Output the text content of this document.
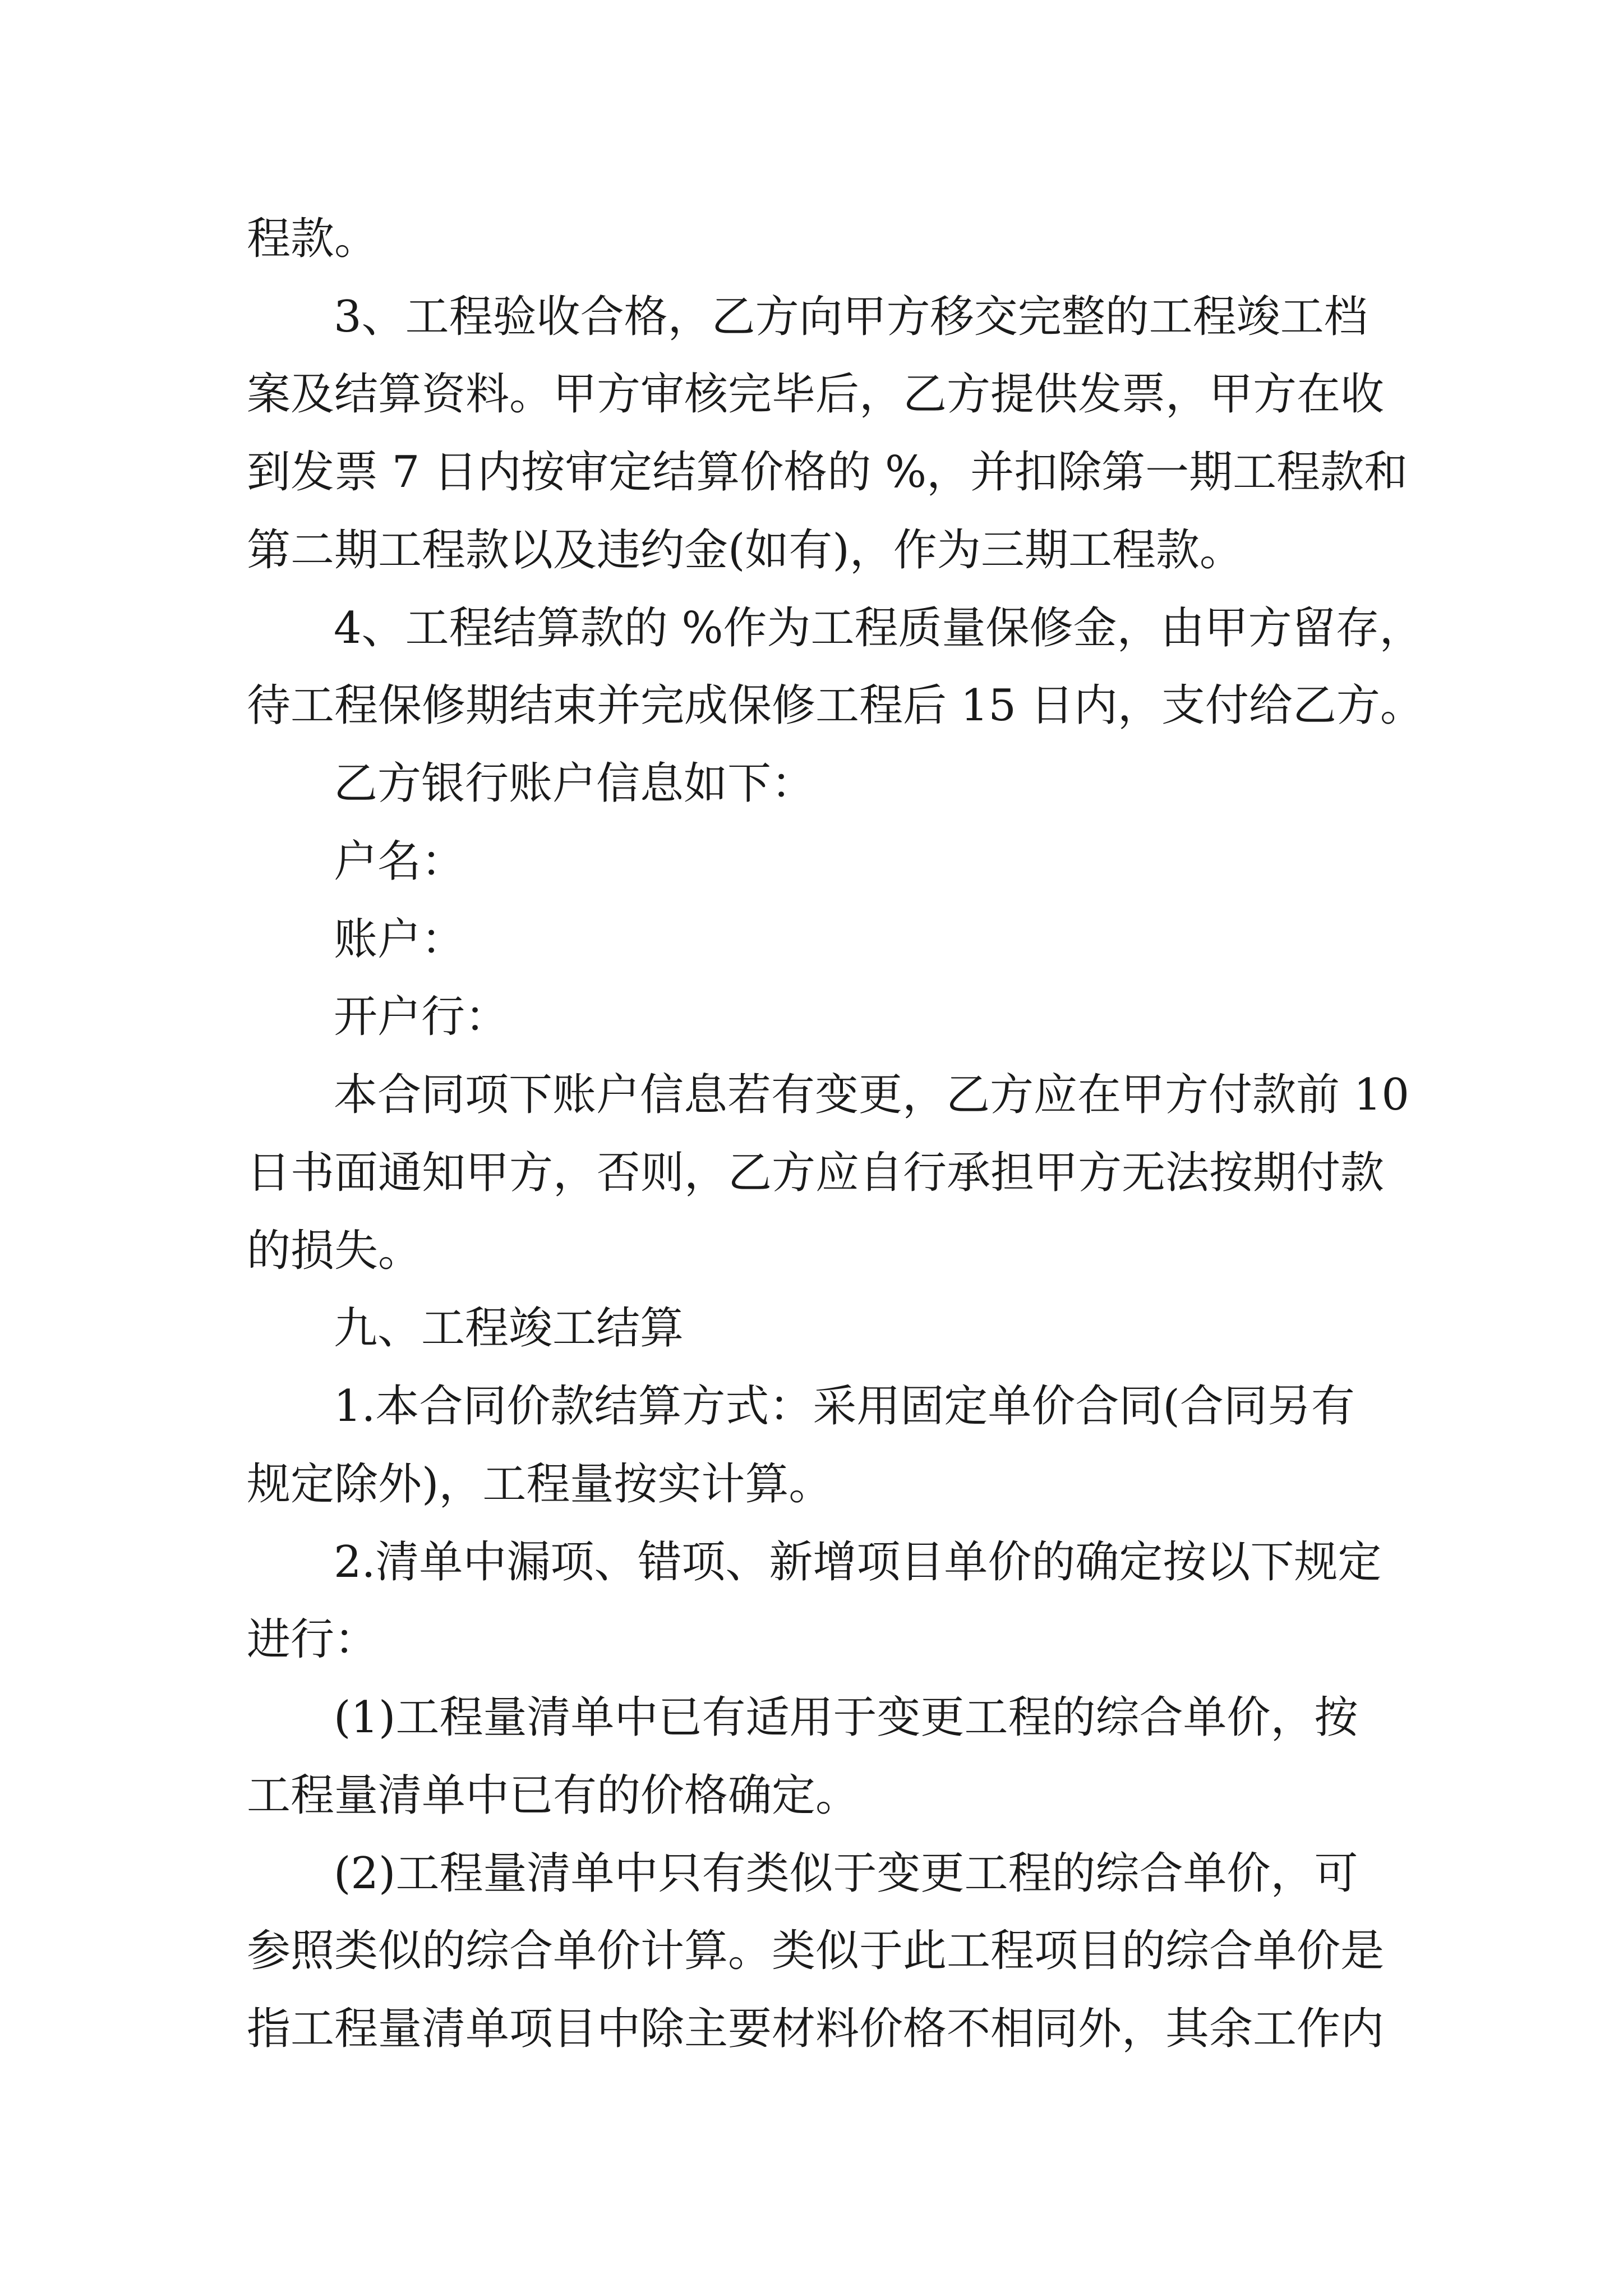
程款。
3、工程验收合格，乙方向甲方移交完整的工程竣工档
案及结算资料。甲方审核完毕后，乙方提供发票，甲方在收
到发票 7 日内按审定结算价格的 %，并扣除第一期工程款和
第二期工程款以及违约金(如有)，作为三期工程款。
4、工程结算款的 %作为工程质量保修金，由甲方留存，
待工程保修期结束并完成保修工程后 15 日内，支付给乙方。
乙方银行账户信息如下：
户名：
账户：
开户行：
本合同项下账户信息若有变更，乙方应在甲方付款前 10
日书面通知甲方，否则，乙方应自行承担甲方无法按期付款
的损失。
九、工程竣工结算
1.本合同价款结算方式：采用固定单价合同(合同另有
规定除外)，工程量按实计算。
2.清单中漏项、错项、新增项目单价的确定按以下规定
进行：
(1)工程量清单中已有适用于变更工程的综合单价，按
工程量清单中已有的价格确定。
(2)工程量清单中只有类似于变更工程的综合单价，可
参照类似的综合单价计算。类似于此工程项目的综合单价是
指工程量清单项目中除主要材料价格不相同外，其余工作内
